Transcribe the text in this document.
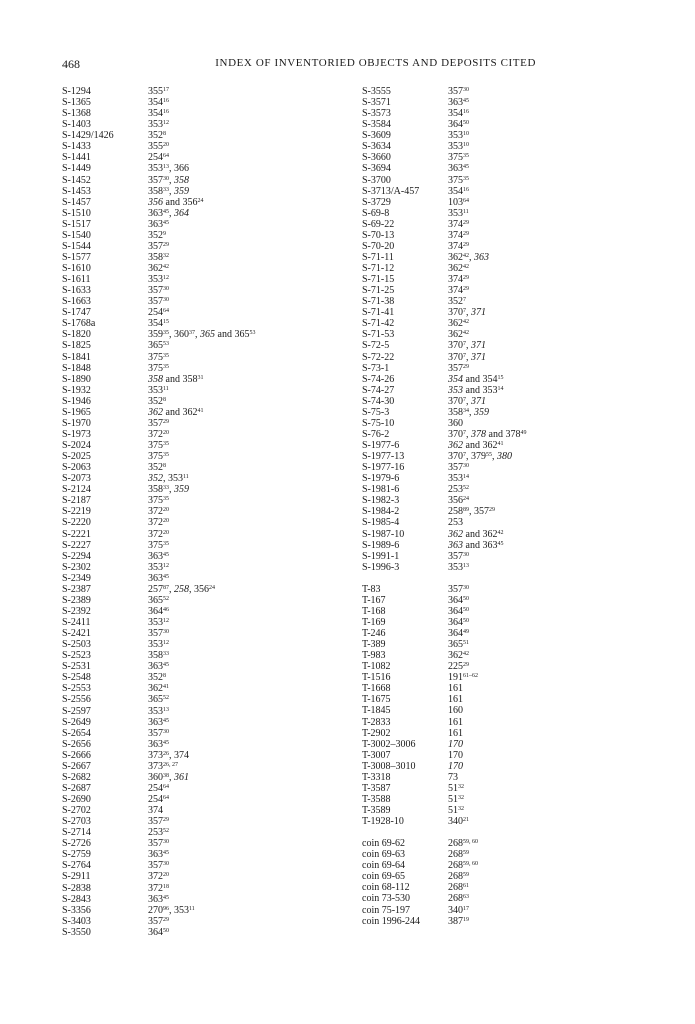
468	INDEX OF INVENTORIED OBJECTS AND DEPOSITS CITED
S-1294	$355^{17}$
S-1365	$354^{16}$
S-1368	$354^{16}$
S-1403	$353^{12}$
S-1429/1426	$352^8$
S-1433	$355^{20}$
S-1441	$254^{64}$
S-1449	$353^{13}$, 366
S-1452	$357^{30}$, 358
S-1453	$358^{33}$, 359
S-1457	356 and $356^{24}$
S-1510	$363^{45}$, 364
S-1517	$363^{45}$
S-1540	$352^9$
S-1544	$357^{29}$
S-1577	$358^{32}$
S-1610	$362^{42}$
S-1611	$353^{12}$
S-1633	$357^{30}$
S-1663	$357^{30}$
S-1747	$254^{64}$
S-1768a	$354^{15}$
S-1820	$359^{35}$, $360^{37}$, 365 and $365^{53}$
S-1825	$365^{53}$
S-1841	$375^{35}$
S-1848	$375^{35}$
S-1890	358 and $358^{31}$
S-1932	$353^{11}$
S-1946	$352^8$
S-1965	362 and $362^{41}$
S-1970	$357^{29}$
S-1973	$372^{20}$
S-2024	$375^{35}$
S-2025	$375^{35}$
S-2063	$352^8$
S-2073	352, $353^{11}$
S-2124	$358^{33}$, 359
S-2187	$375^{35}$
S-2219	$372^{20}$
S-2220	$372^{20}$
S-2221	$372^{20}$
S-2227	$375^{35}$
S-2294	$363^{45}$
S-2302	$353^{12}$
S-2349	$363^{45}$
S-2387	$257^{87}$, 258, $356^{24}$
S-2389	$365^{52}$
S-2392	$364^{46}$
S-2411	$353^{12}$
S-2421	$357^{30}$
S-2503	$353^{12}$
S-2523	$358^{33}$
S-2531	$363^{45}$
S-2548	$352^8$
S-2553	$362^{41}$
S-2556	$365^{52}$
S-2597	$353^{13}$
S-2649	$363^{45}$
S-2654	$357^{30}$
S-2656	$363^{45}$
S-2666	$373^{26}$, 374
S-2667	373$^{26, 27}$
S-2682	$360^{38}$, 361
S-2687	$254^{64}$
S-2690	$254^{64}$
S-2702	374
S-2703	$357^{29}$
S-2714	$253^{52}$
S-2726	$357^{30}$
S-2759	$363^{45}$
S-2764	$357^{30}$
S-2911	$372^{20}$
S-2838	$372^{18}$
S-2843	$363^{45}$
S-3356	$270^{96}$, $353^{11}$
S-3403	$357^{29}$
S-3550	$364^{50}$
S-3555	$357^{30}$
S-3571	$363^{45}$
S-3573	$354^{16}$
S-3584	$364^{50}$
S-3609	$353^{10}$
S-3634	$353^{10}$
S-3660	$375^{35}$
S-3694	$363^{45}$
S-3700	$375^{35}$
S-3713/A-457	$354^{16}$
S-3729	$103^{64}$
S-69-8	$353^{11}$
S-69-22	$374^{29}$
S-70-13	$374^{29}$
S-70-20	$374^{29}$
S-71-11	$362^{42}$, 363
S-71-12	$362^{42}$
S-71-15	$374^{29}$
S-71-25	$374^{29}$
S-71-38	$352^7$
S-71-41	$370^7$, 371
S-71-42	$362^{42}$
S-71-53	$362^{42}$
S-72-5	$370^7$, 371
S-72-22	$370^7$, 371
S-73-1	$357^{29}$
S-74-26	354 and $354^{15}$
S-74-27	353 and $353^{14}$
S-74-30	$370^7$, 371
S-75-3	$358^{34}$, 359
S-75-10	360
S-76-2	$370^7$, 378 and $378^{49}$
S-1977-6	362 and $362^{41}$
S-1977-13	$370^7$, $379^{55}$, 380
S-1977-16	$357^{30}$
S-1979-6	$353^{14}$
S-1981-6	$253^{52}$
S-1982-3	$356^{24}$
S-1984-2	$258^{89}$, $357^{29}$
S-1985-4	253
S-1987-10	362 and $362^{42}$
S-1989-6	363 and $363^{45}$
S-1991-1	$357^{30}$
S-1996-3	$353^{13}$
T-83	$357^{30}$
T-167	$364^{50}$
T-168	$364^{50}$
T-169	$364^{50}$
T-246	$364^{49}$
T-389	$365^{51}$
T-983	$362^{42}$
T-1082	$225^{29}$
T-1516	191$^{61-62}$
T-1668	161
T-1675	161
T-1845	160
T-2833	161
T-2902	161
T-3002–3006	170
T-3007	170
T-3008–3010	170
T-3318	73
T-3587	$51^{32}$
T-3588	$51^{32}$
T-3589	$51^{32}$
T-1928-10	$340^{21}$
coin 69-62	268$^{59, 60}$
coin 69-63	$268^{59}$
coin 69-64	268$^{59, 60}$
coin 69-65	$268^{59}$
coin 68-112	$268^{61}$
coin 73-530	$268^{63}$
coin 75-197	$340^{17}$
coin 1996-244	$387^{19}$
